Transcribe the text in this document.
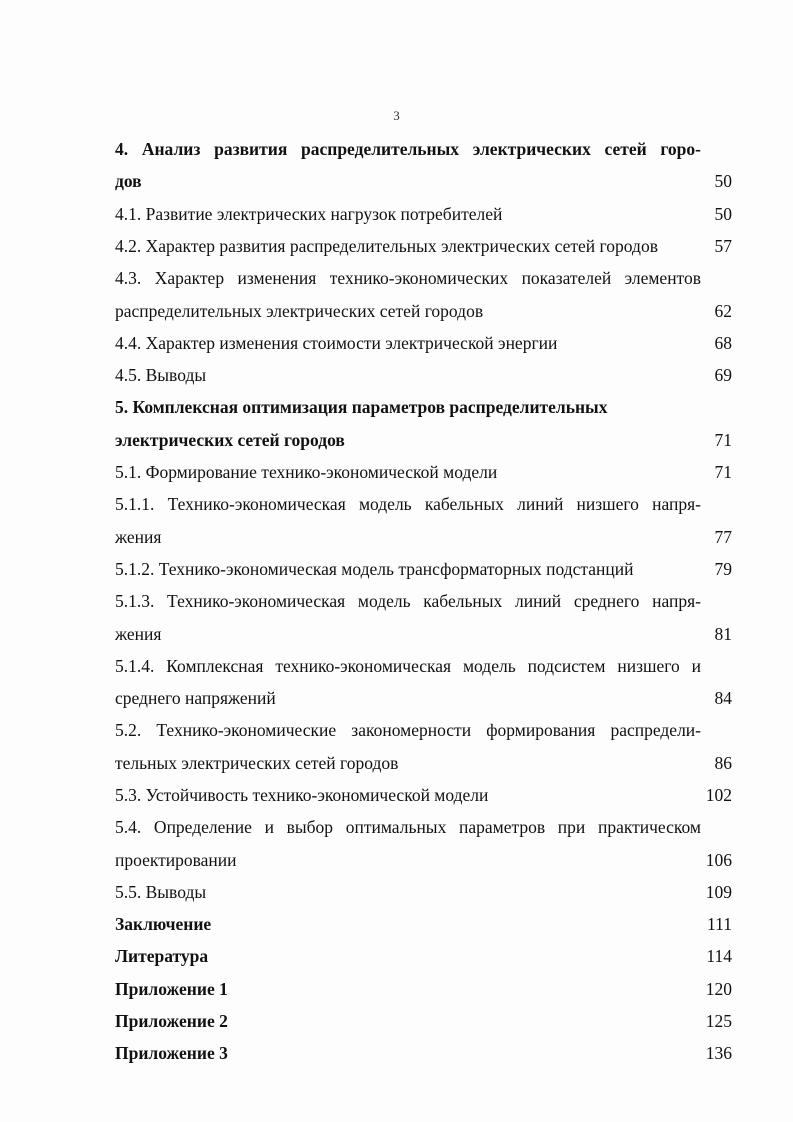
3
4. Анализ развития распределительных электрических сетей горо-
дов	50
4.1. Развитие электрических нагрузок потребителей	50
4.2. Характер развития распределительных электрических сетей городов	57
4.3. Характер изменения технико-экономических показателей элементов
распределительных электрических сетей городов	62
4.4. Характер изменения стоимости электрической энергии	68
4.5. Выводы	69
5. Комплексная оптимизация параметров распределительных
электрических сетей городов	71
5.1. Формирование технико-экономической модели	71
5.1.1. Технико-экономическая модель кабельных линий низшего напря-
жения	77
5.1.2. Технико-экономическая модель трансформаторных подстанций	79
5.1.3. Технико-экономическая модель кабельных линий среднего напря-
жения	81
5.1.4. Комплексная технико-экономическая модель подсистем низшего и
среднего напряжений	84
5.2. Технико-экономические закономерности формирования распредели-
тельных электрических сетей городов	86
5.3. Устойчивость технико-экономической модели	102
5.4. Определение и выбор оптимальных параметров при практическом
проектировании	106
5.5. Выводы	109
Заключение	111
Литература	114
Приложение 1	120
Приложение 2	125
Приложение 3	136
